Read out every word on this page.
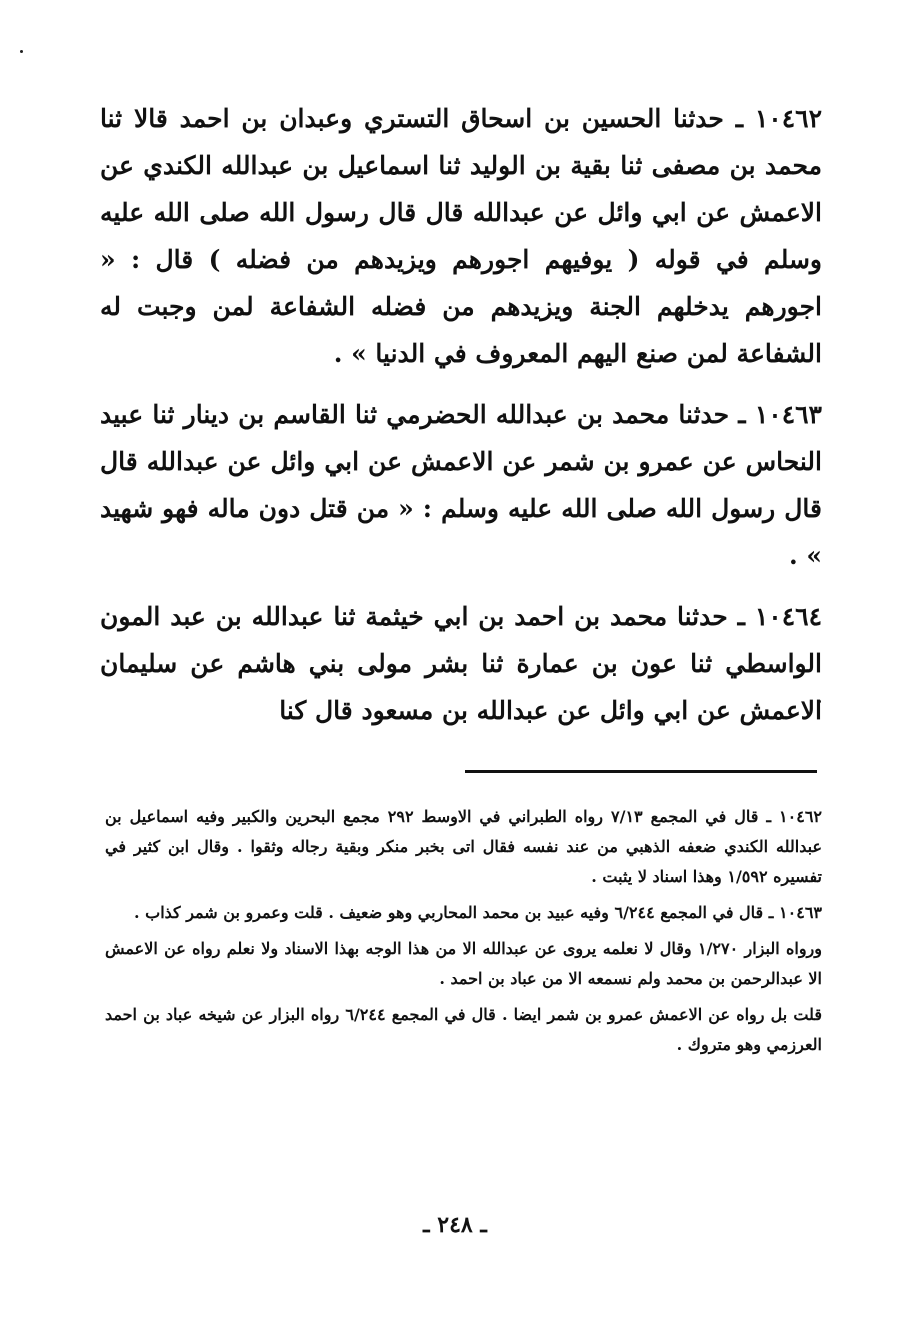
١٠٤٦٢ ـ حدثنا الحسين بن اسحاق التستري وعبدان بن احمد قالا ثنا محمد بن مصفى ثنا بقية بن الوليد ثنا اسماعيل بن عبدالله الكندي عن الاعمش عن ابي وائل عن عبدالله قال قال رسول الله صلى الله عليه وسلم في قوله ( يوفيهم اجورهم ويزيدهم من فضله ) قال : « اجورهم يدخلهم الجنة ويزيدهم من فضله الشفاعة لمن وجبت له الشفاعة لمن صنع اليهم المعروف في الدنيا » .

١٠٤٦٣ ـ حدثنا محمد بن عبدالله الحضرمي ثنا القاسم بن دينار ثنا عبيد النحاس عن عمرو بن شمر عن الاعمش عن ابي وائل عن عبدالله قال قال رسول الله صلى الله عليه وسلم : « من قتل دون ماله فهو شهيد » .

١٠٤٦٤ ـ حدثنا محمد بن احمد بن ابي خيثمة ثنا عبدالله بن عبد المون الواسطي ثنا عون بن عمارة ثنا بشر مولى بني هاشم عن سليمان الاعمش عن ابي وائل عن عبدالله بن مسعود قال كنا

١٠٤٦٢ ـ قال في المجمع ٧/١٣ رواه الطبراني في الاوسط ٢٩٢ مجمع البحرين والكبير وفيه اسماعيل بن عبدالله الكندي ضعفه الذهبي من عند نفسه فقال اتى بخبر منكر وبقية رجاله وثقوا . وقال ابن كثير في تفسيره ١/٥٩٢ وهذا اسناد لا يثبت .

١٠٤٦٣ ـ قال في المجمع ٦/٢٤٤ وفيه عبيد بن محمد المحاربي وهو ضعيف . قلت وعمرو بن شمر كذاب .

ورواه البزار ١/٢٧٠ وقال لا نعلمه يروى عن عبدالله الا من هذا الوجه بهذا الاسناد ولا نعلم رواه عن الاعمش الا عبدالرحمن بن محمد ولم نسمعه الا من عباد بن احمد .

قلت بل رواه عن الاعمش عمرو بن شمر ايضا . قال في المجمع ٦/٢٤٤ رواه البزار عن شيخه عباد بن احمد العرزمي وهو متروك .

ـ ٢٤٨ ـ
